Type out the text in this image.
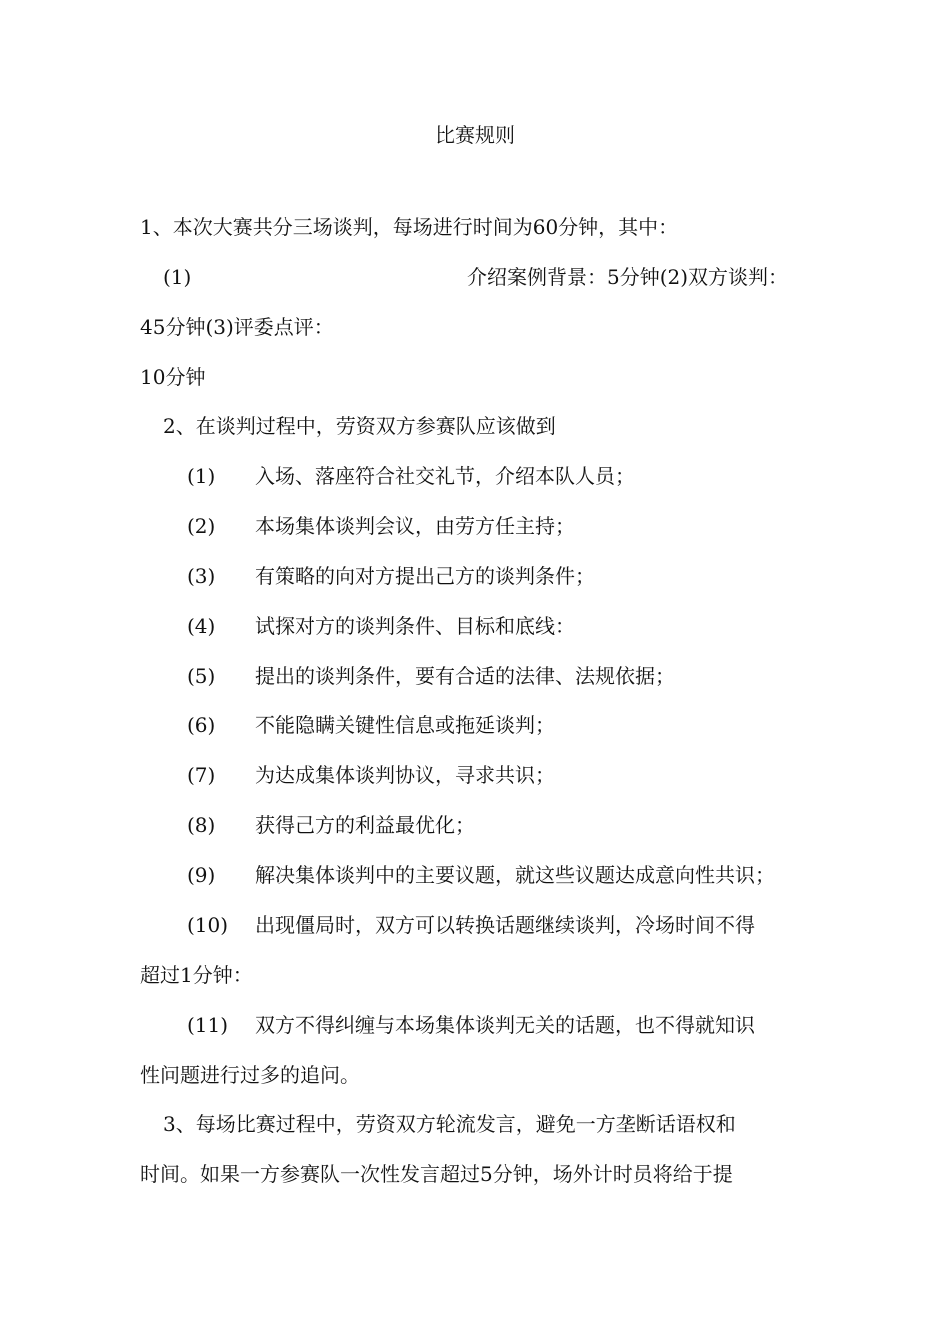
比赛规则
1、本次大赛共分三场谈判，每场进行时间为60分钟，其中：
(1)	介绍案例背景：5分钟(2)双方谈判：
45分钟(3)评委点评：
10分钟
2、在谈判过程中，劳资双方参赛队应该做到
(1) 入场、落座符合社交礼节，介绍本队人员；
(2) 本场集体谈判会议，由劳方任主持；
(3) 有策略的向对方提出己方的谈判条件；
(4) 试探对方的谈判条件、目标和底线：
(5) 提出的谈判条件，要有合适的法律、法规依据；
(6) 不能隐瞒关键性信息或拖延谈判；
(7) 为达成集体谈判协议，寻求共识；
(8) 获得己方的利益最优化；
(9) 解决集体谈判中的主要议题，就这些议题达成意向性共识；
(10) 出现僵局时，双方可以转换话题继续谈判，冷场时间不得
超过1分钟：
(11) 双方不得纠缠与本场集体谈判无关的话题，也不得就知识
性问题进行过多的追问。
3、每场比赛过程中，劳资双方轮流发言，避免一方垄断话语权和
时间。如果一方参赛队一次性发言超过5分钟，场外计时员将给于提
